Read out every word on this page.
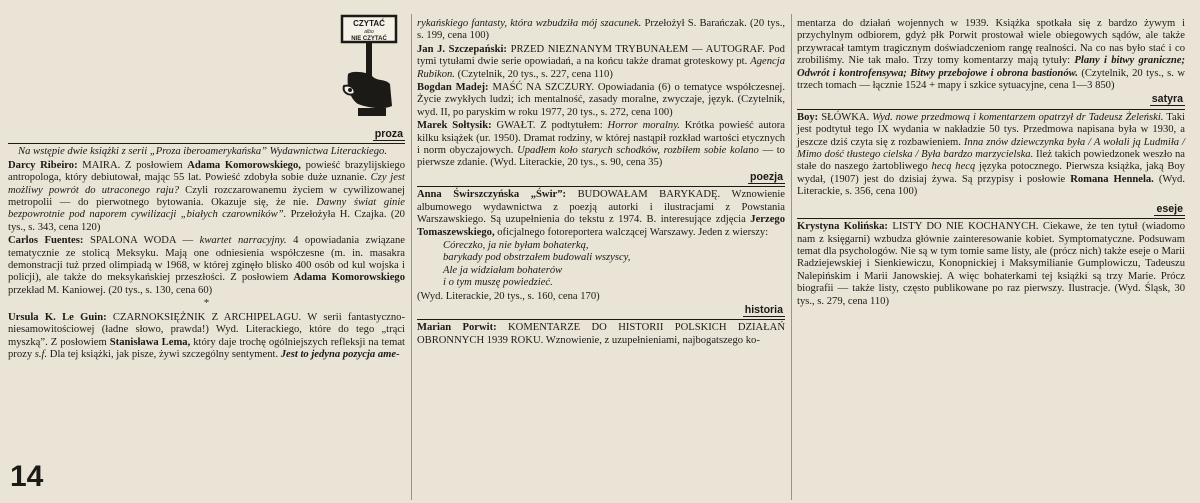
CZYTAĆ
albo
NIE CZYTAĆ
proza

Na wstępie dwie książki z serii „Proza iberoamerykańska” Wydawnictwa Literackiego.

Darcy Ribeiro: MAIRA. Z posłowiem Adama Komorowskiego, powieść brazylijskiego antropologa, który debiutował, mając 55 lat. Powieść zdobyła sobie duże uznanie. Czy jest możliwy powrót do utraconego raju? Czyli rozczarowanemu życiem w cywilizowanej metropolii — do pierwotnego bytowania. Okazuje się, że nie. Dawny świat ginie bezpowrotnie pod naporem cywilizacji „białych czarowników”. Przełożyła H. Czajka. (20 tys., s. 343, cena 120)

Carlos Fuentes: SPALONA WODA — kwartet narracyjny. 4 opowiadania związane tematycznie ze stolicą Meksyku. Mają one odniesienia współczesne (m. in. masakra demonstracji tuż przed olimpiadą w 1968, w której zginęło blisko 400 osób od kul wojska i policji), ale także do meksykańskiej przeszłości. Z posłowiem Adama Komorowskiego przekład M. Kaniowej. (20 tys., s. 130, cena 60)

*

Ursula K. Le Guin: CZARNOKSIĘŻNIK Z ARCHIPELAGU. W serii fantastyczno-niesamowitościowej (ładne słowo, prawda!) Wyd. Literackiego, które do tego „trąci myszką”. Z posłowiem Stanisława Lema, który daje trochę ogólniejszych refleksji na temat prozy s.f. Dla tej książki, jak pisze, żywi szczególny sentyment. Jest to jedyna pozycja ame-

14

rykańskiego fantasty, która wzbudziła mój szacunek. Przełożył S. Barańczak. (20 tys., s. 199, cena 100)

Jan J. Szczepański: PRZED NIEZNANYM TRYBUNAŁEM — AUTOGRAF. Pod tymi tytułami dwie serie opowiadań, a na końcu także dramat groteskowy pt. Agencja Rubikon. (Czytelnik, 20 tys., s. 227, cena 110)

Bogdan Madej: MAŚĆ NA SZCZURY. Opowiadania (6) o tematyce współczesnej. Życie zwykłych ludzi; ich mentalność, zasady moralne, zwyczaje, język. (Czytelnik, wyd. II, po paryskim w roku 1977, 20 tys., s. 272, cena 100)

Marek Sołtysik: GWAŁT. Z podtytułem: Horror moralny. Krótka powieść autora kilku książek (ur. 1950). Dramat rodziny, w której nastąpił rozkład wartości etycznych i norm obyczajowych. Upadłem koło starych schodków, rozbiłem sobie kolano — to pierwsze zdanie. (Wyd. Literackie, 20 tys., s. 90, cena 35)

poezja

Anna Świrszczyńska „Świr”: BUDOWAŁAM BARYKADĘ. Wznowienie albumowego wydawnictwa z poezją autorki i ilustracjami z Powstania Warszawskiego. Są uzupełnienia do tekstu z 1974. B. interesujące zdjęcia Jerzego Tomaszewskiego, oficjalnego fotoreportera walczącej Warszawy. Jeden z wierszy:

Córeczko, ja nie byłam bohaterką,
barykady pod obstrzałem budowali wszyscy,
Ale ja widziałam bohaterów
i o tym muszę powiedzieć.

(Wyd. Literackie, 20 tys., s. 160, cena 170)

historia

Marian Porwit: KOMENTARZE DO HISTORII POLSKICH DZIAŁAŃ OBRONNYCH 1939 ROKU. Wznowienie, z uzupełnieniami, najbogatszego ko-

mentarza do działań wojennych w 1939. Książka spotkała się z bardzo żywym i przychylnym odbiorem, gdyż płk Porwit prostował wiele obiegowych sądów, ale także przywracał tamtym tragicznym doświadczeniom rangę realności. Na co nas było stać i co zrobiliśmy. Nie tak mało. Trzy tomy komentarzy mają tytuły: Plany i bitwy graniczne; Odwrót i kontrofensywa; Bitwy przebojowe i obrona bastionów. (Czytelnik, 20 tys., s. w trzech tomach — łącznie 1524 + mapy i szkice sytuacyjne, cena 1—3 850)

satyra

Boy: SŁÓWKA. Wyd. nowe przedmową i komentarzem opatrzył dr Tadeusz Żeleński. Taki jest podtytuł tego IX wydania w nakładzie 50 tys. Przedmowa napisana była w 1930, a jeszcze dziś czyta się z rozbawieniem. Inna znów dziewczynka była / A wołali ją Ludmiła / Mimo dość tłustego cielska / Była bardzo marzycielska. Ileż takich powiedzonek weszło na stałe do naszego żartobliwego hecą hecą języka potocznego. Pierwsza książka, jaką Boy wydał, (1907) jest do dzisiaj żywa. Są przypisy i posłowie Romana Hennela. (Wyd. Literackie, s. 356, cena 100)

eseje

Krystyna Kolińska: LISTY DO NIE KOCHANYCH. Ciekawe, że ten tytuł (wiadomo nam z księgarni) wzbudza głównie zainteresowanie kobiet. Symptomatyczne. Podsuwam temat dla psychologów. Nie są w tym tomie same listy, ale (prócz nich) także eseje o Marii Radziejewskiej i Sienkiewiczu, Konopnickiej i Maksymilianie Gumplowiczu, Tadeuszu Nalepińskim i Marii Janowskiej. A więc bohaterkami tej książki są trzy Marie. Prócz biografii — także listy, często publikowane po raz pierwszy. Ilustracje. (Wyd. Śląsk, 30 tys., s. 279, cena 110)
